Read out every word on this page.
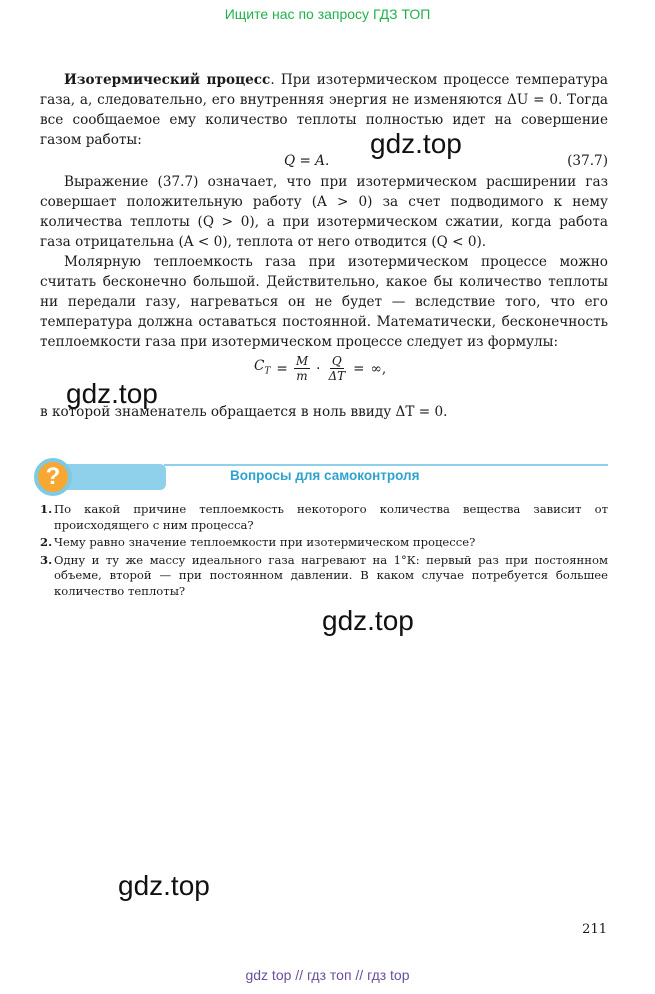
Ищите нас по запросу ГДЗ ТОП

Изотермический процесс. При изотермическом процессе температура газа, а, следовательно, его внутренняя энергия не изменяются ΔU = 0. Тогда все сообщаемое ему количество теплоты полностью идет на совершение газом работы:

Q = A.	(37.7)

Выражение (37.7) означает, что при изотермическом расширении газ совершает положительную работу (A > 0) за счет подводимого к нему количества теплоты (Q > 0), а при изотермическом сжатии, когда работа газа отрицательна (A < 0), теплота от него отводится (Q < 0).

Молярную теплоемкость газа при изотермическом процессе можно считать бесконечно большой. Действительно, какое бы количество теплоты ни передали газу, нагреваться он не будет — вследствие того, что его температура должна оставаться постоянной. Математически, бесконечность теплоемкости газа при изотермическом процессе следует из формулы:

$C_T = \frac{M}{m} \cdot \frac{Q}{\Delta T}$ = ∞,

в которой знаменатель обращается в ноль ввиду ΔT = 0.

?	Вопросы для самоконтроля
1. По какой причине теплоемкость некоторого количества вещества зависит от происходящего с ним процесса?
2. Чему равно значение теплоемкости при изотермическом процессе?
3. Одну и ту же массу идеального газа нагревают на 1°К: первый раз при постоянном объеме, второй — при постоянном давлении. В каком случае потребуется большее количество теплоты?
gdz.top
gdz.top
gdz.top
gdz.top
211
gdz top // гдз топ // гдз top
